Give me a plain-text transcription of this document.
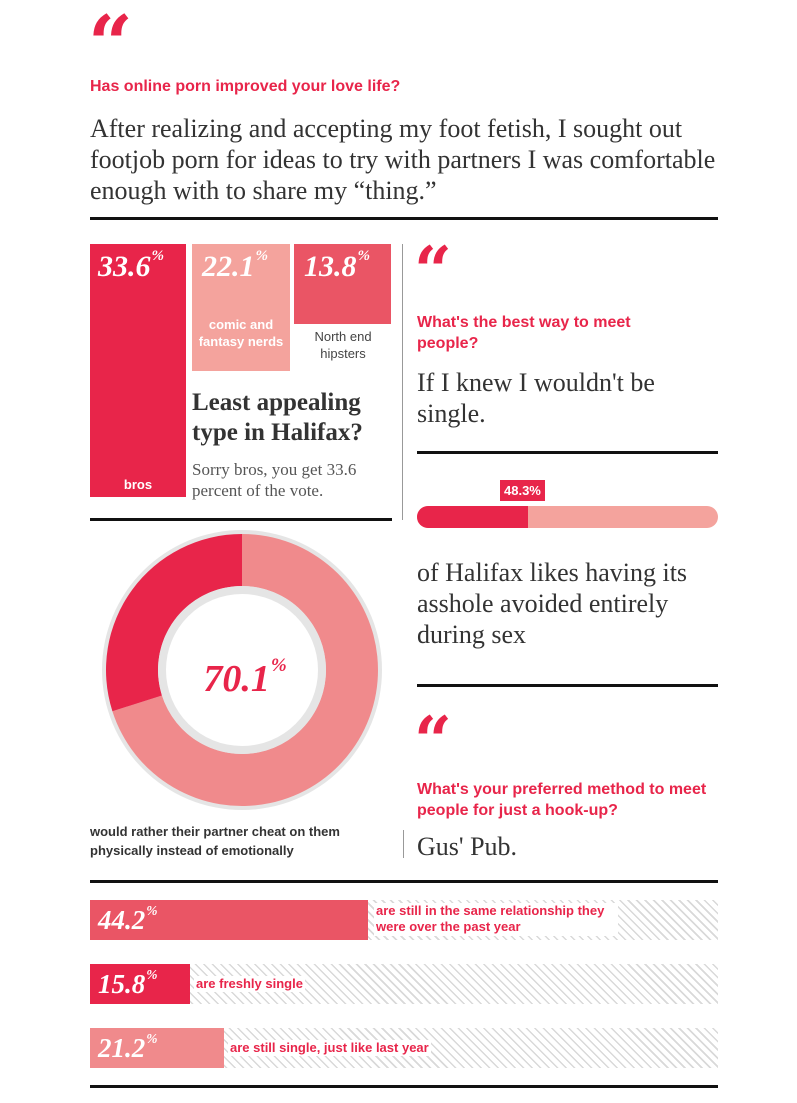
“
Has online porn improved your love life?
After realizing and accepting my foot fetish, I sought out footjob porn for ideas to try with partners I was comfortable enough with to share my “thing.”
33.6%
bros
22.1%
comic and fantasy nerds
13.8%
North end hipsters
Least appealing type in Halifax?
Sorry bros, you get 33.6 percent of the vote.
“
What's the best way to meet people?
If I knew I wouldn't be single.
48.3%
of Halifax likes having its asshole avoided entirely during sex
“
What's your preferred method to meet people for just a hook-up?
Gus' Pub.
70.1%
would rather their partner cheat on them physically instead of emotionally
44.2%	are still in the same relationship they were over the past year
15.8%
are freshly single
21.2%
are still single, just like last year
